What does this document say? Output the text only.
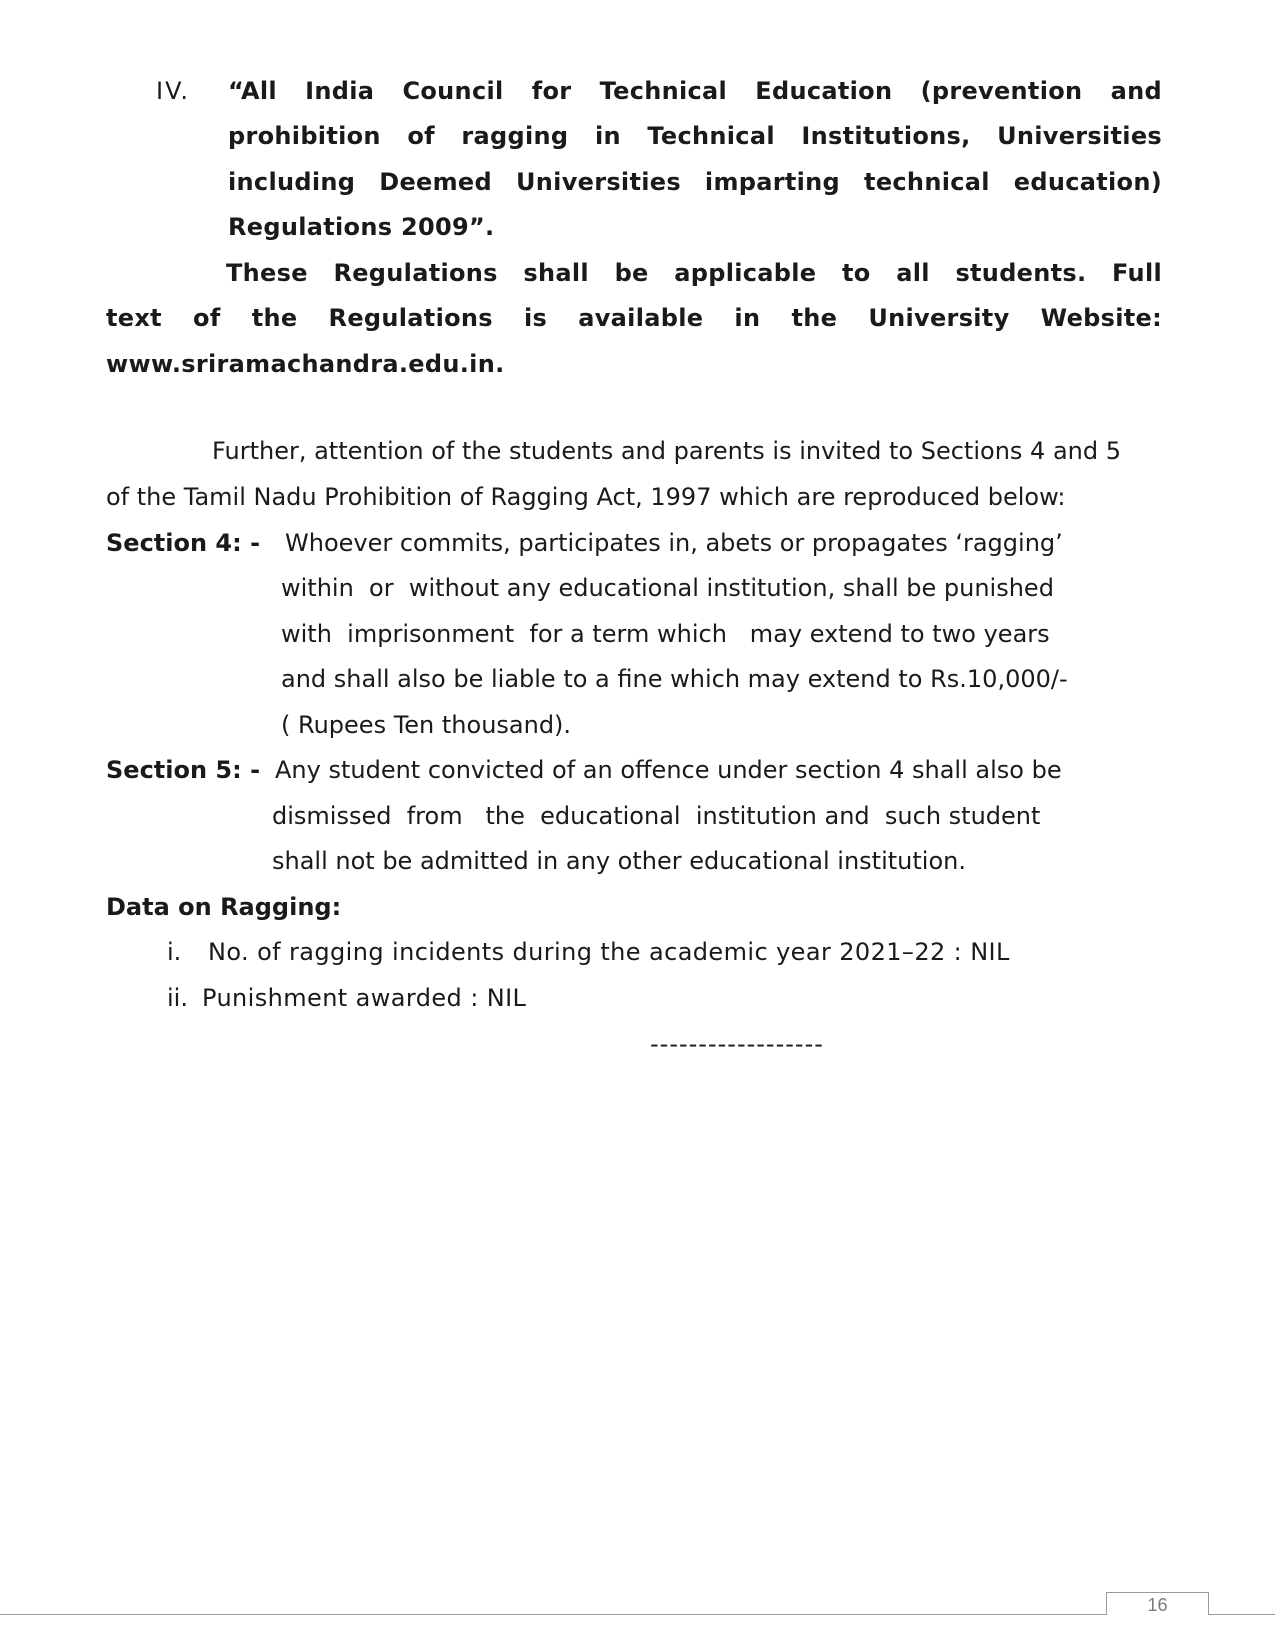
IV. “All India Council for Technical Education (prevention and
prohibition of ragging in Technical Institutions, Universities
including Deemed Universities imparting technical education)
Regulations 2009”.
These Regulations shall be applicable to all students. Full
text of the Regulations is available in the University Website:
www.sriramachandra.edu.in.
Further, attention of the students and parents is invited to Sections 4 and 5
of the Tamil Nadu Prohibition of Ragging Act, 1997 which are reproduced below:
Section 4: - Whoever commits, participates in, abets or propagates ‘ragging’
within  or  without any educational institution, shall be punished
with  imprisonment  for a term which   may extend to two years
and shall also be liable to a fine which may extend to Rs.10,000/-
( Rupees Ten thousand).
Section 5: - Any student convicted of an offence under section 4 shall also be
dismissed  from   the  educational  institution and  such student
shall not be admitted in any other educational institution.
Data on Ragging:
i. No. of ragging incidents during the academic year 2021–22 : NIL
ii. Punishment awarded : NIL
------------------
16
